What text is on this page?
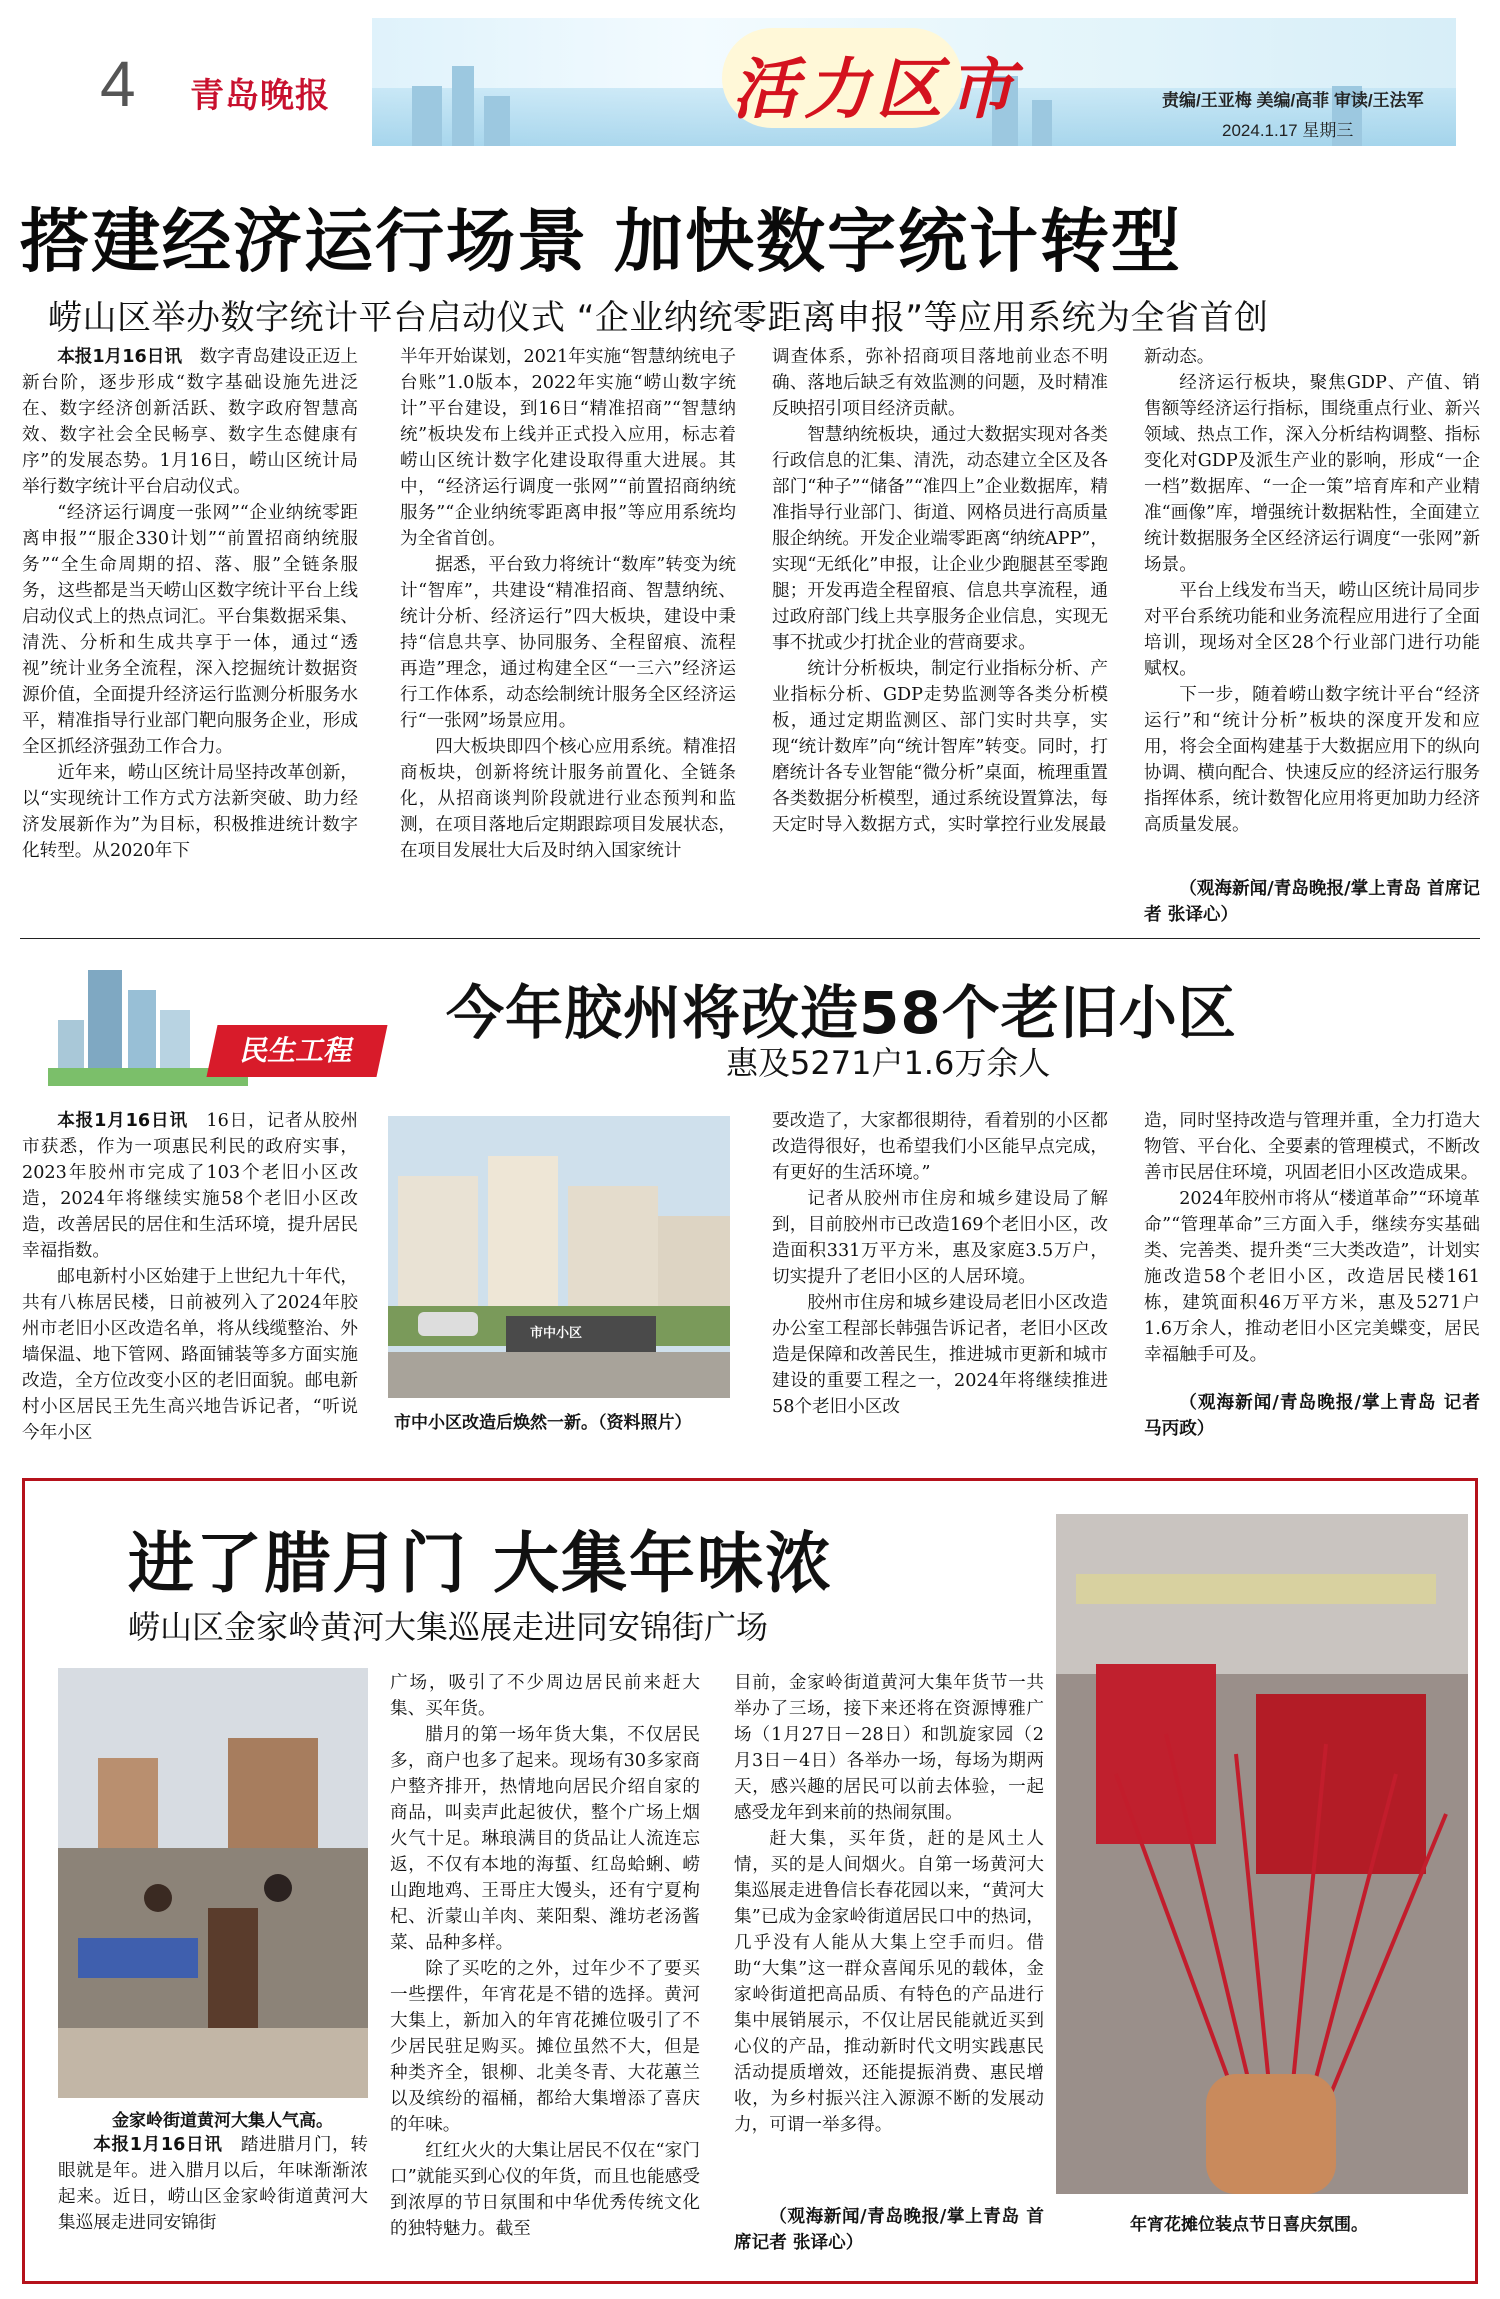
4 青岛晚报	活力区市	责编/王亚梅 美编/高菲 审读/王法军
2024.1.17 星期三
搭建经济运行场景 加快数字统计转型
崂山区举办数字统计平台启动仪式 “企业纳统零距离申报”等应用系统为全省首创

本报1月16日讯　数字青岛建设正迈上新台阶，逐步形成“数字基础设施先进泛在、数字经济创新活跃、数字政府智慧高效、数字社会全民畅享、数字生态健康有序”的发展态势。1月16日，崂山区统计局举行数字统计平台启动仪式。

“经济运行调度一张网”“企业纳统零距离申报”“服企330计划”“前置招商纳统服务”“全生命周期的招、落、服”全链条服务，这些都是当天崂山区数字统计平台上线启动仪式上的热点词汇。平台集数据采集、清洗、分析和生成共享于一体，通过“透视”统计业务全流程，深入挖掘统计数据资源价值，全面提升经济运行监测分析服务水平，精准指导行业部门靶向服务企业，形成全区抓经济强劲工作合力。

近年来，崂山区统计局坚持改革创新，以“实现统计工作方式方法新突破、助力经济发展新作为”为目标，积极推进统计数字化转型。从2020年下

半年开始谋划，2021年实施“智慧纳统电子台账”1.0版本，2022年实施“崂山数字统计”平台建设，到16日“精准招商”“智慧纳统”板块发布上线并正式投入应用，标志着崂山区统计数字化建设取得重大进展。其中，“经济运行调度一张网”“前置招商纳统服务”“企业纳统零距离申报”等应用系统均为全省首创。

据悉，平台致力将统计“数库”转变为统计“智库”，共建设“精准招商、智慧纳统、统计分析、经济运行”四大板块，建设中秉持“信息共享、协同服务、全程留痕、流程再造”理念，通过构建全区“一三六”经济运行工作体系，动态绘制统计服务全区经济运行“一张网”场景应用。

四大板块即四个核心应用系统。精准招商板块，创新将统计服务前置化、全链条化，从招商谈判阶段就进行业态预判和监测，在项目落地后定期跟踪项目发展状态，在项目发展壮大后及时纳入国家统计

调查体系，弥补招商项目落地前业态不明确、落地后缺乏有效监测的问题，及时精准反映招引项目经济贡献。

智慧纳统板块，通过大数据实现对各类行政信息的汇集、清洗，动态建立全区及各部门“种子”“储备”“准四上”企业数据库，精准指导行业部门、街道、网格员进行高质量服企纳统。开发企业端零距离“纳统APP”，实现“无纸化”申报，让企业少跑腿甚至零跑腿；开发再造全程留痕、信息共享流程，通过政府部门线上共享服务企业信息，实现无事不扰或少打扰企业的营商要求。

统计分析板块，制定行业指标分析、产业指标分析、GDP走势监测等各类分析模板，通过定期监测区、部门实时共享，实现“统计数库”向“统计智库”转变。同时，打磨统计各专业智能“微分析”桌面，梳理重置各类数据分析模型，通过系统设置算法，每天定时导入数据方式，实时掌控行业发展最

新动态。

经济运行板块，聚焦GDP、产值、销售额等经济运行指标，围绕重点行业、新兴领域、热点工作，深入分析结构调整、指标变化对GDP及派生产业的影响，形成“一企一档”数据库、“一企一策”培育库和产业精准“画像”库，增强统计数据粘性，全面建立统计数据服务全区经济运行调度“一张网”新场景。

平台上线发布当天，崂山区统计局同步对平台系统功能和业务流程应用进行了全面培训，现场对全区28个行业部门进行功能赋权。

下一步，随着崂山数字统计平台“经济运行”和“统计分析”板块的深度开发和应用，将会全面构建基于大数据应用下的纵向协调、横向配合、快速反应的经济运行服务指挥体系，统计数智化应用将更加助力经济高质量发展。

（观海新闻/青岛晚报/掌上青岛 首席记者 张译心）
民生工程
今年胶州将改造58个老旧小区
惠及5271户1.6万余人

本报1月16日讯　16日，记者从胶州市获悉，作为一项惠民利民的政府实事，2023年胶州市完成了103个老旧小区改造，2024年将继续实施58个老旧小区改造，改善居民的居住和生活环境，提升居民幸福指数。

邮电新村小区始建于上世纪九十年代，共有八栋居民楼，日前被列入了2024年胶州市老旧小区改造名单，将从线缆整治、外墙保温、地下管网、路面铺装等多方面实施改造，全方位改变小区的老旧面貌。邮电新村小区居民王先生高兴地告诉记者，“听说今年小区

市中小区
市中小区改造后焕然一新。（资料照片）

要改造了，大家都很期待，看着别的小区都改造得很好，也希望我们小区能早点完成，有更好的生活环境。”

记者从胶州市住房和城乡建设局了解到，目前胶州市已改造169个老旧小区，改造面积331万平方米，惠及家庭3.5万户，切实提升了老旧小区的人居环境。

胶州市住房和城乡建设局老旧小区改造办公室工程部长韩强告诉记者，老旧小区改造是保障和改善民生，推进城市更新和城市建设的重要工程之一，2024年将继续推进58个老旧小区改

造，同时坚持改造与管理并重，全力打造大物管、平台化、全要素的管理模式，不断改善市民居住环境，巩固老旧小区改造成果。

2024年胶州市将从“楼道革命”“环境革命”“管理革命”三方面入手，继续夯实基础类、完善类、提升类“三大类改造”，计划实施改造58个老旧小区，改造居民楼161栋，建筑面积46万平方米，惠及5271户1.6万余人，推动老旧小区完美蝶变，居民幸福触手可及。

（观海新闻/青岛晚报/掌上青岛 记者 马丙政）
进了腊月门 大集年味浓
崂山区金家岭黄河大集巡展走进同安锦街广场
金家岭街道黄河大集人气高。

本报1月16日讯　踏进腊月门，转眼就是年。进入腊月以后，年味渐渐浓起来。近日，崂山区金家岭街道黄河大集巡展走进同安锦街

广场，吸引了不少周边居民前来赶大集、买年货。

腊月的第一场年货大集，不仅居民多，商户也多了起来。现场有30多家商户整齐排开，热情地向居民介绍自家的商品，叫卖声此起彼伏，整个广场上烟火气十足。琳琅满目的货品让人流连忘返，不仅有本地的海蜇、红岛蛤蜊、崂山跑地鸡、王哥庄大馒头，还有宁夏枸杞、沂蒙山羊肉、莱阳梨、潍坊老汤酱菜、品种多样。

除了买吃的之外，过年少不了要买一些摆件，年宵花是不错的选择。黄河大集上，新加入的年宵花摊位吸引了不少居民驻足购买。摊位虽然不大，但是种类齐全，银柳、北美冬青、大花蕙兰以及缤纷的福桶，都给大集增添了喜庆的年味。

红红火火的大集让居民不仅在“家门口”就能买到心仪的年货，而且也能感受到浓厚的节日氛围和中华优秀传统文化的独特魅力。截至

目前，金家岭街道黄河大集年货节一共举办了三场，接下来还将在资源博雅广场（1月27日－28日）和凯旋家园（2月3日－4日）各举办一场，每场为期两天，感兴趣的居民可以前去体验，一起感受龙年到来前的热闹氛围。

赶大集，买年货，赶的是风土人情，买的是人间烟火。自第一场黄河大集巡展走进鲁信长春花园以来，“黄河大集”已成为金家岭街道居民口中的热词，几乎没有人能从大集上空手而归。借助“大集”这一群众喜闻乐见的载体，金家岭街道把高品质、有特色的产品进行集中展销展示，不仅让居民能就近买到心仪的产品，推动新时代文明实践惠民活动提质增效，还能提振消费、惠民增收，为乡村振兴注入源源不断的发展动力，可谓一举多得。

（观海新闻/青岛晚报/掌上青岛 首席记者 张译心）
年宵花摊位装点节日喜庆氛围。
